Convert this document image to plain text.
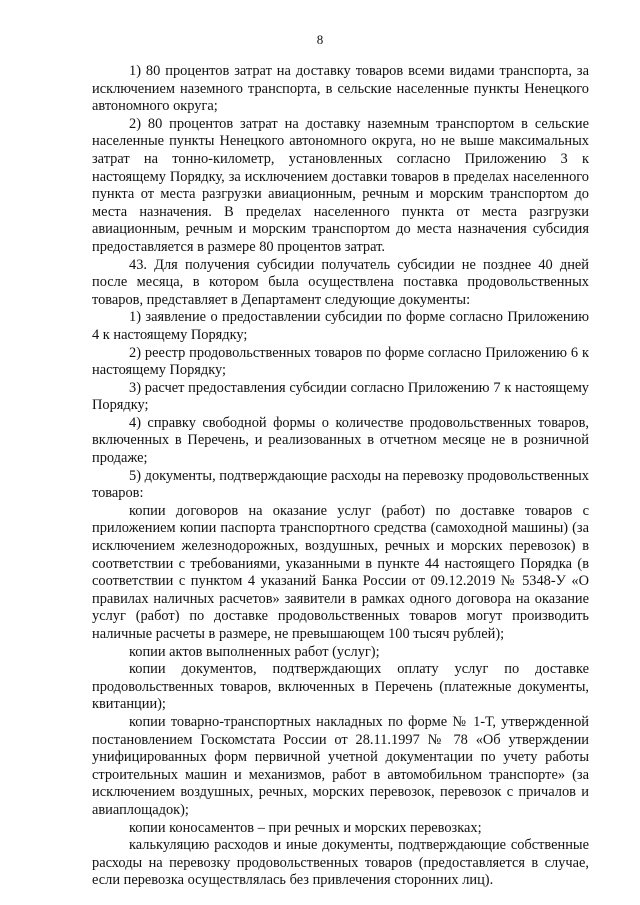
8

1) 80 процентов затрат на доставку товаров всеми видами транспорта, за исключением наземного транспорта, в сельские населенные пункты Ненецкого автономного округа;

2) 80 процентов затрат на доставку наземным транспортом в сельские населенные пункты Ненецкого автономного округа, но не выше максимальных затрат на тонно-километр, установленных согласно Приложению 3 к настоящему Порядку, за исключением доставки товаров в пределах населенного пункта от места разгрузки авиационным, речным и морским транспортом до места назначения. В пределах населенного пункта от места разгрузки авиационным, речным и морским транспортом до места назначения субсидия предоставляется в размере 80 процентов затрат.

43. Для получения субсидии получатель субсидии не позднее 40 дней после месяца, в котором была осуществлена поставка продовольственных товаров, представляет в Департамент следующие документы:

1) заявление о предоставлении субсидии по форме согласно Приложению 4 к настоящему Порядку;

2) реестр продовольственных товаров по форме согласно Приложению 6 к настоящему Порядку;

3) расчет предоставления субсидии согласно Приложению 7 к настоящему Порядку;

4) справку свободной формы о количестве продовольственных товаров, включенных в Перечень, и реализованных в отчетном месяце не в розничной продаже;

5) документы, подтверждающие расходы на перевозку продовольственных товаров:

копии договоров на оказание услуг (работ) по доставке товаров с приложением копии паспорта транспортного средства (самоходной машины) (за исключением железнодорожных, воздушных, речных и морских перевозок) в соответствии с требованиями, указанными в пункте 44 настоящего Порядка (в соответствии с пунктом 4 указаний Банка России от 09.12.2019 № 5348-У «О правилах наличных расчетов» заявители в рамках одного договора на оказание услуг (работ) по доставке продовольственных товаров могут производить наличные расчеты в размере, не превышающем 100 тысяч рублей);

копии актов выполненных работ (услуг);

копии документов, подтверждающих оплату услуг по доставке продовольственных товаров, включенных в Перечень (платежные документы, квитанции);

копии товарно-транспортных накладных по форме № 1-Т, утвержденной постановлением Госкомстата России от 28.11.1997 № 78 «Об утверждении унифицированных форм первичной учетной документации по учету работы строительных машин и механизмов, работ в автомобильном транспорте» (за исключением воздушных, речных, морских перевозок, перевозок с причалов и авиаплощадок);

копии коносаментов – при речных и морских перевозках;

калькуляцию расходов и иные документы, подтверждающие собственные расходы на перевозку продовольственных товаров (предоставляется в случае, если перевозка осуществлялась без привлечения сторонних лиц).
